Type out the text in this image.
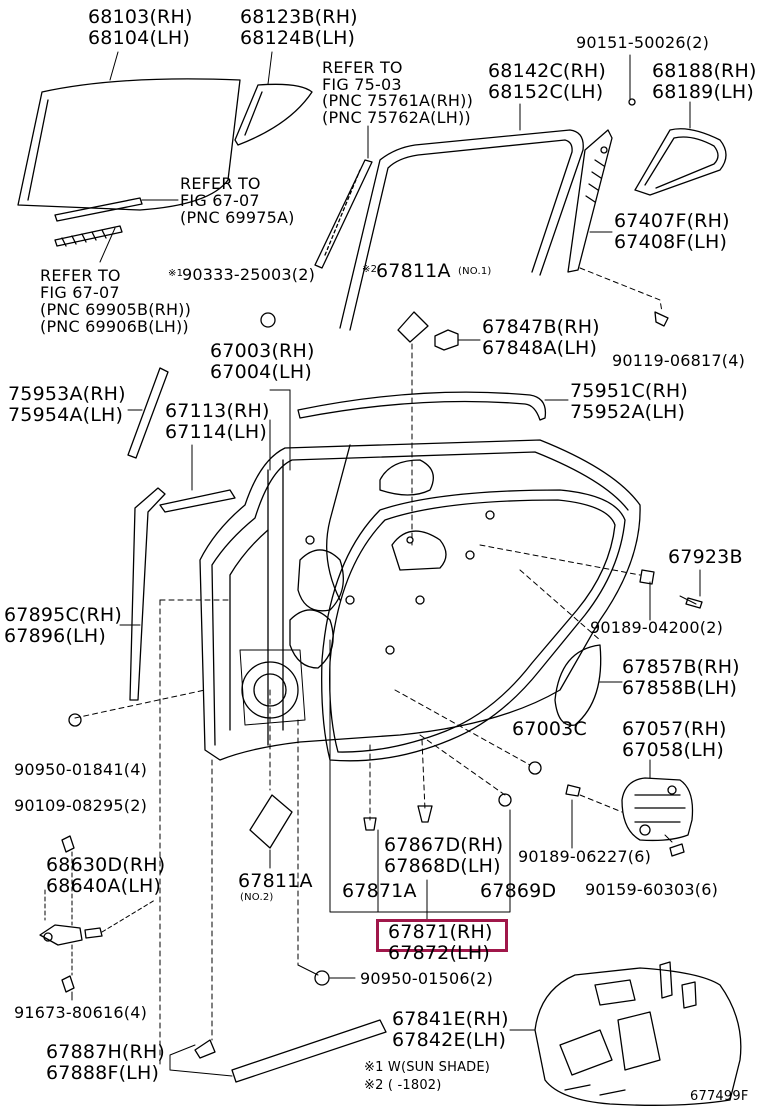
68103(RH)
68104(LH)
68123B(RH)
68124B(LH)	90151-50026(2)
REFER TO
FIG 75-03
(PNC 75761A(RH))
(PNC 75762A(LH))
68142C(RH)
68152C(LH)
68188(RH)
68189(LH)
REFER TO
FIG 67-07
(PNC 69975A)	67407F(RH)
67408F(LH)
REFER TO
FIG 67-07
(PNC 69905B(RH))
(PNC 69906B(LH))
※1
90333-25003(2)	※2
67811A (NO.1)
67847B(RH)
67848A(LH)
90119-06817(4)
67003(RH)
67004(LH)
75953A(RH)
75954A(LH) 67113(RH)
67114(LH)
75951C(RH)
75952A(LH)
67923B
67895C(RH)
67896(LH)	90189-04200(2)
67857B(RH)
67858B(LH)
67003C 67057(RH)
67058(LH)
90950-01841(4)
90109-08295(2)
68630D(RH)
68640A(LH)
67867D(RH)
67868D(LH) 90189-06227(6)
67811A
(NO.2)	67871A	67869D 90159-60303(6)
67871(RH)
67872(LH)
90950-01506(2)
91673-80616(4)	67841E(RH)
67842E(LH)
67887H(RH)
67888F(LH)	※1 W(SUN SHADE)
※2 ( -1802)
677499F
